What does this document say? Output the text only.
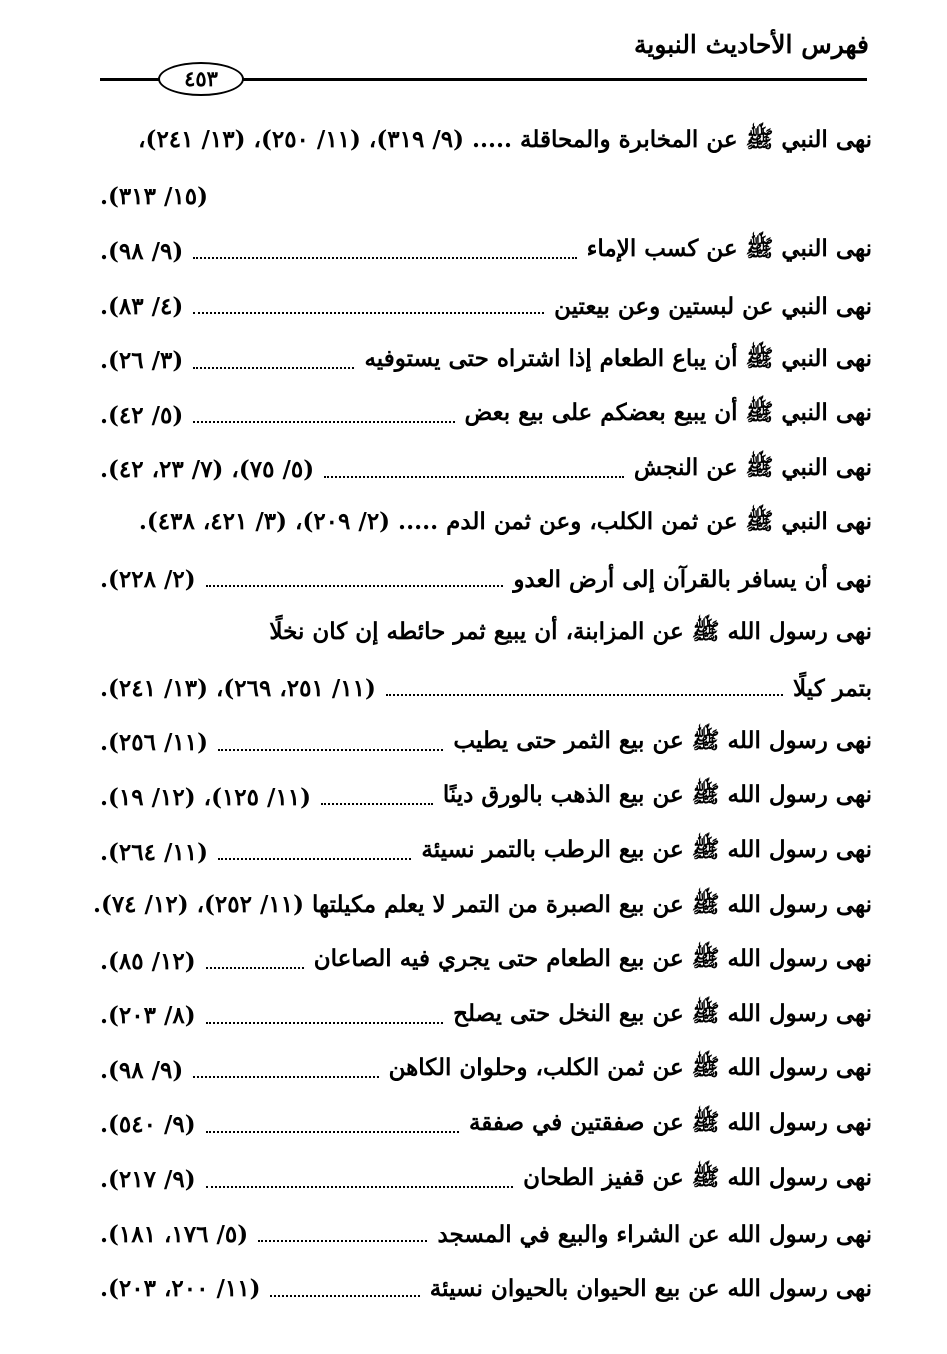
فهرس الأحاديث النبوية
٤٥٣
نهى النبي ﷺ عن المخابرة والمحاقلة ..... (٩/ ٣١٩)، (١١/ ٢٥٠)، (١٣/ ٢٤١)،
(١٥/ ٣١٣).
نهى النبي ﷺ عن كسب الإماء
(٩/ ٩٨).
نهى النبي عن لبستين وعن بيعتين
(٤/ ٨٣).
نهى النبي ﷺ أن يباع الطعام إذا اشتراه حتى يستوفيه
(٣/ ٢٦).
نهى النبي ﷺ أن يبيع بعضكم على بيع بعض
(٥/ ٤٢).
نهى النبي ﷺ عن النجش
(٥/ ٧٥)، (٧/ ٢٣، ٤٢).
نهى النبي ﷺ عن ثمن الكلب، وعن ثمن الدم ..... (٢/ ٢٠٩)، (٣/ ٤٢١، ٤٣٨).
نهى أن يسافر بالقرآن إلى أرض العدو
(٢/ ٢٢٨).
نهى رسول الله ﷺ عن المزابنة، أن يبيع ثمر حائطه إن كان نخلًا
بتمر كيلًا
(١١/ ٢٥١، ٢٦٩)، (١٣/ ٢٤١).
نهى رسول الله ﷺ عن بيع الثمر حتى يطيب
(١١/ ٢٥٦).
نهى رسول الله ﷺ عن بيع الذهب بالورق دينًا
(١١/ ١٢٥)، (١٢/ ١٩).
نهى رسول الله ﷺ عن بيع الرطب بالتمر نسيئة
(١١/ ٢٦٤).
نهى رسول الله ﷺ عن بيع الصبرة من التمر لا يعلم مكيلتها (١١/ ٢٥٢)، (١٢/ ٧٤).
نهى رسول الله ﷺ عن بيع الطعام حتى يجري فيه الصاعان
(١٢/ ٨٥).
نهى رسول الله ﷺ عن بيع النخل حتى يصلح
(٨/ ٢٠٣).
نهى رسول الله ﷺ عن ثمن الكلب، وحلوان الكاهن
(٩/ ٩٨).
نهى رسول الله ﷺ عن صفقتين في صفقة
(٩/ ٥٤٠).
نهى رسول الله ﷺ عن قفيز الطحان
(٩/ ٢١٧).
نهى رسول الله عن الشراء والبيع في المسجد
(٥/ ١٧٦، ١٨١).
نهى رسول الله عن بيع الحيوان بالحيوان نسيئة
(١١/ ٢٠٠، ٢٠٣).
